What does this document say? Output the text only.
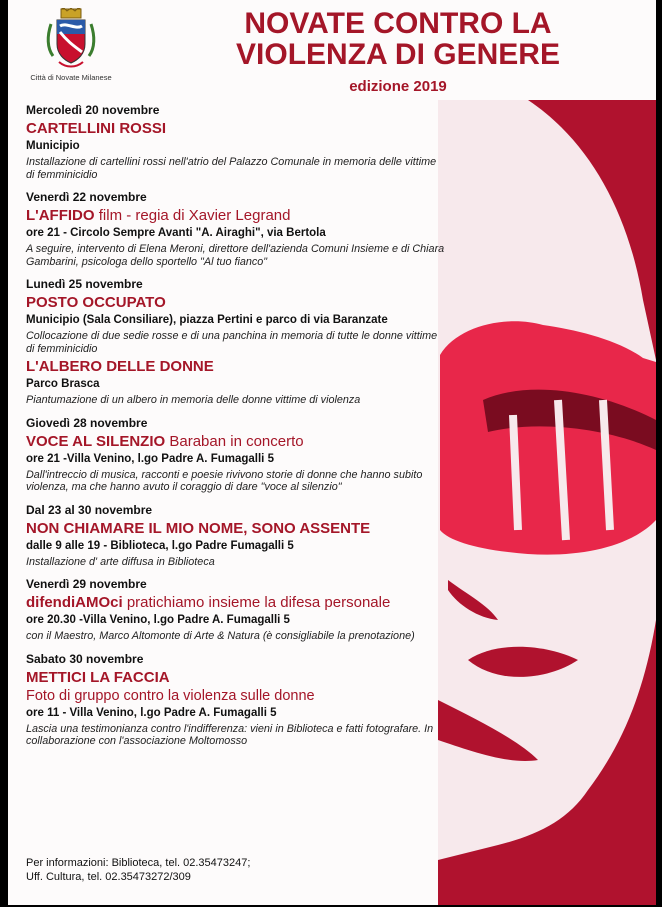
Città di Novate Milanese
NOVATE CONTRO LA
VIOLENZA DI GENERE
edizione 2019
Mercoledì 20 novembre
CARTELLINI ROSSI
Municipio
Installazione di cartellini rossi nell'atrio del Palazzo Comunale in memoria delle vittime di femminicidio
Venerdì 22 novembre
L'AFFIDO film - regia di Xavier Legrand
ore 21 - Circolo Sempre Avanti "A. Airaghi", via Bertola
A seguire, intervento di Elena Meroni, direttore dell'azienda Comuni Insieme e di Chiara Gambarini, psicologa dello sportello "Al tuo fianco"
Lunedì 25 novembre
POSTO OCCUPATO
Municipio (Sala Consiliare), piazza Pertini e parco di via Baranzate
Collocazione di due sedie rosse e di una panchina in memoria di tutte le donne vittime di femminicidio
L'ALBERO DELLE DONNE
Parco Brasca
Piantumazione di un albero in memoria delle donne vittime di violenza
Giovedì 28 novembre
VOCE AL SILENZIO Baraban in concerto
ore 21 -Villa Venino, l.go Padre A. Fumagalli 5
Dall'intreccio di musica, racconti e poesie rivivono storie di donne che hanno subito violenza, ma che hanno avuto il coraggio di dare "voce al silenzio"
Dal 23 al 30 novembre
NON CHIAMARE IL MIO NOME, SONO ASSENTE
dalle 9 alle 19 - Biblioteca, l.go Padre Fumagalli 5
Installazione d' arte diffusa in Biblioteca
Venerdì 29 novembre
difendiAMOci pratichiamo insieme la difesa personale
ore 20.30 -Villa Venino, l.go Padre A. Fumagalli 5
con il Maestro, Marco Altomonte di Arte & Natura (è consigliabile la prenotazione)
Sabato 30 novembre
METTICI LA FACCIA
Foto di gruppo contro la violenza sulle donne
ore 11 - Villa Venino, l.go Padre A. Fumagalli 5
Lascia una testimonianza contro l'indifferenza: vieni in Biblioteca e fatti fotografare. In collaborazione con l'associazione Moltomosso
Per informazioni: Biblioteca, tel. 02.35473247;
Uff. Cultura, tel. 02.35473272/309
